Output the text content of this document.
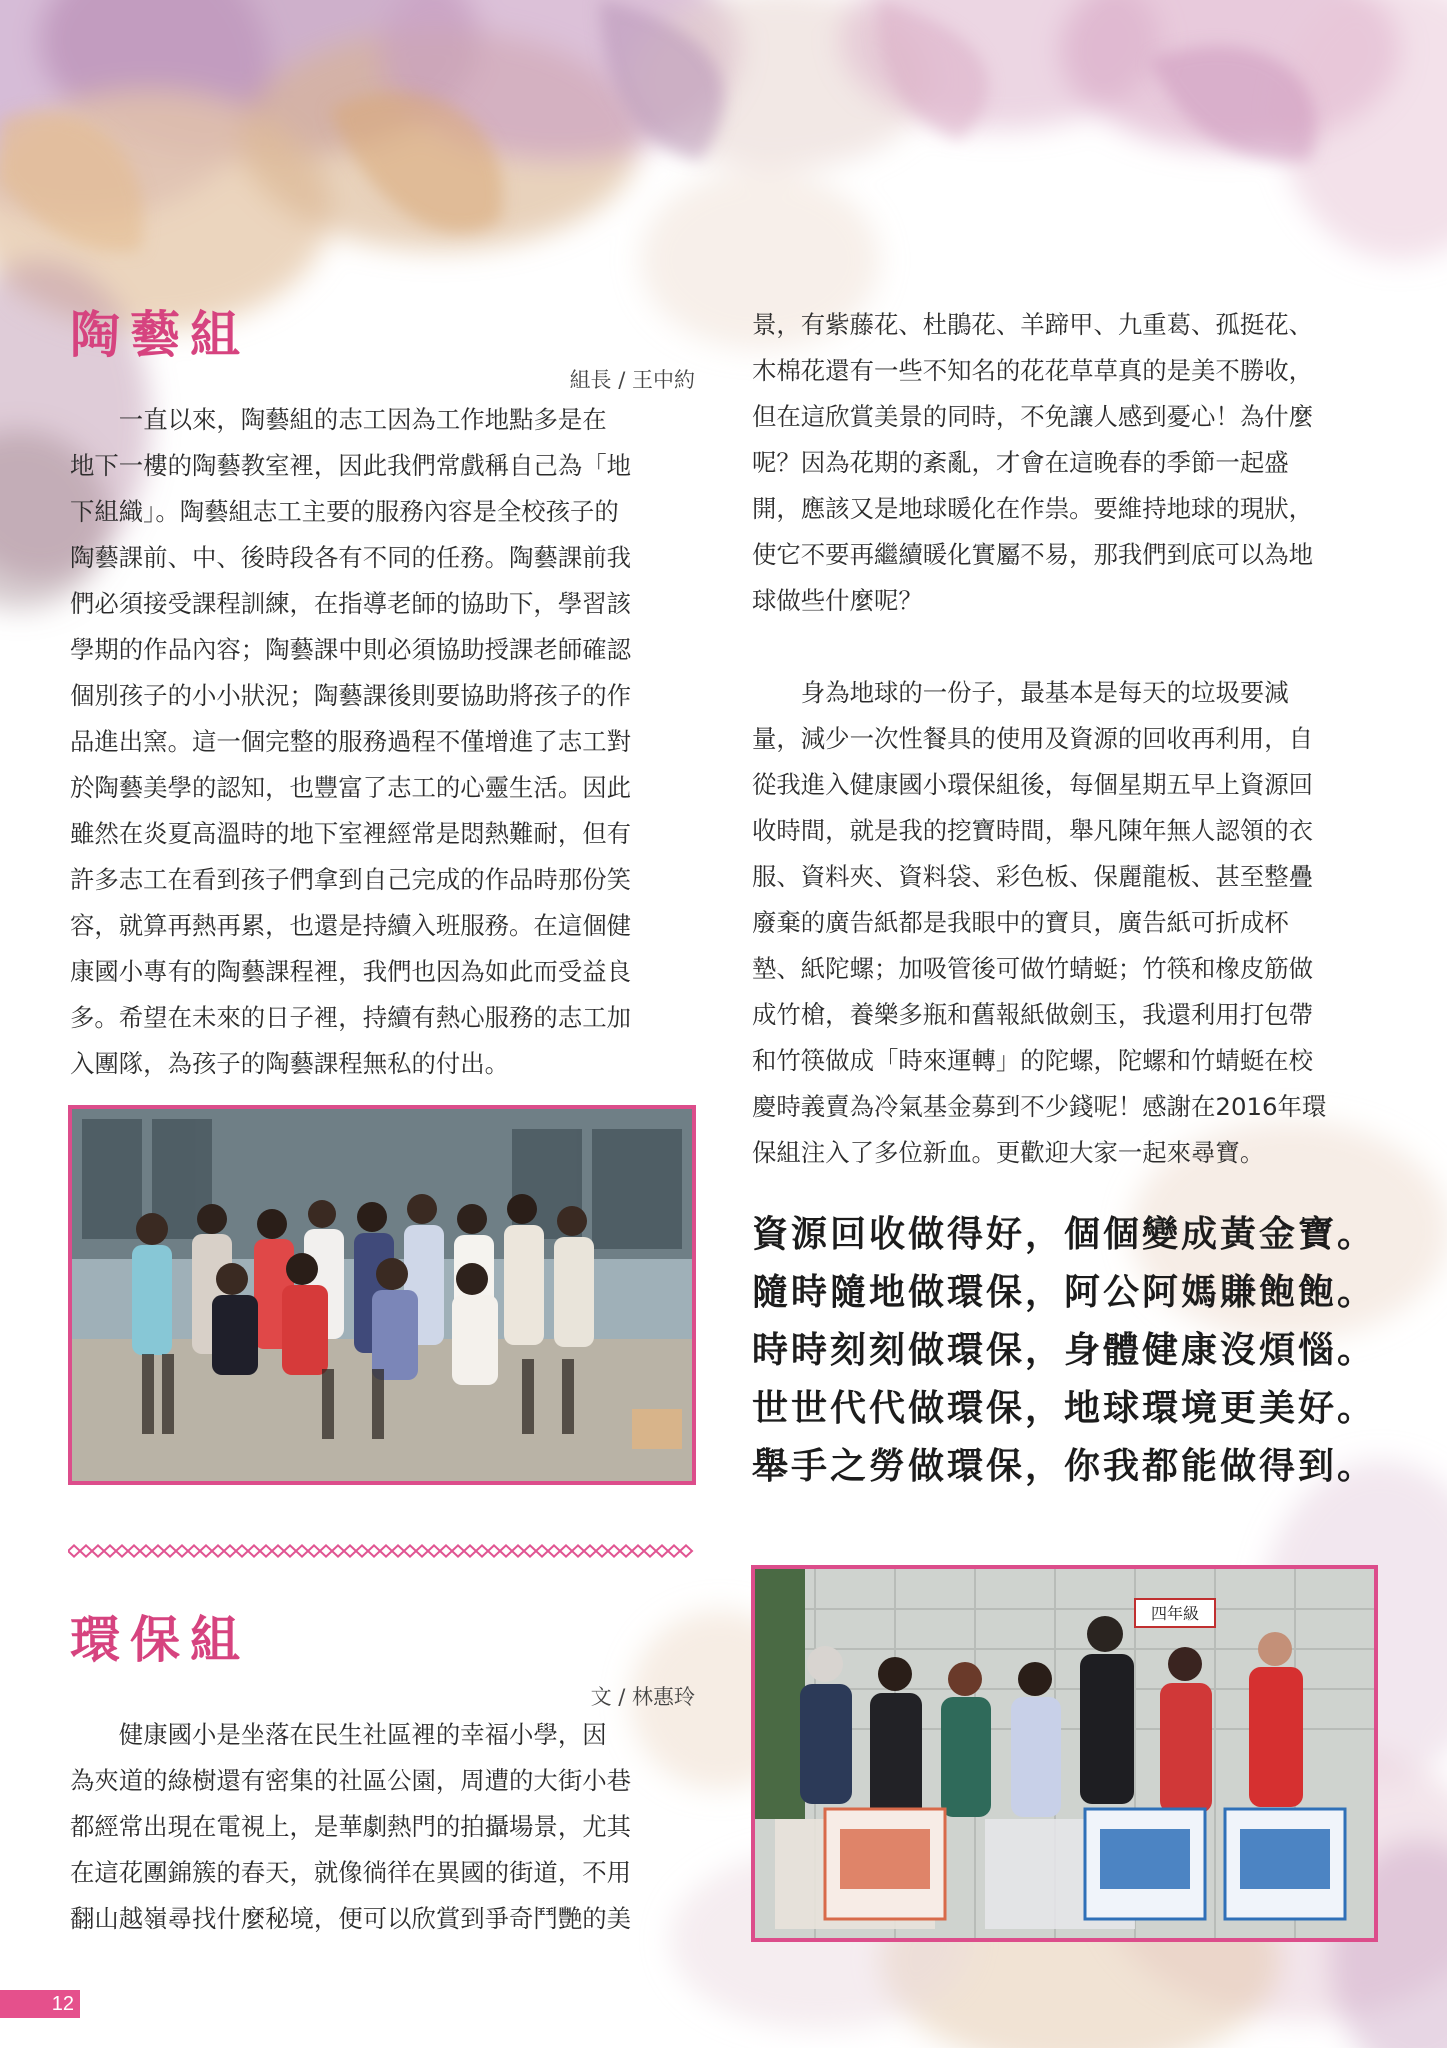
陶藝組
組長 / 王中約

一直以來，陶藝組的志工因為工作地點多是在

地下一樓的陶藝教室裡，因此我們常戲稱自己為「地

下組織」。陶藝組志工主要的服務內容是全校孩子的

陶藝課前、中、後時段各有不同的任務。陶藝課前我

們必須接受課程訓練，在指導老師的協助下，學習該

學期的作品內容；陶藝課中則必須協助授課老師確認

個別孩子的小小狀況；陶藝課後則要協助將孩子的作

品進出窯。這一個完整的服務過程不僅增進了志工對

於陶藝美學的認知，也豐富了志工的心靈生活。因此

雖然在炎夏高溫時的地下室裡經常是悶熱難耐，但有

許多志工在看到孩子們拿到自己完成的作品時那份笑

容，就算再熱再累，也還是持續入班服務。在這個健

康國小專有的陶藝課程裡，我們也因為如此而受益良

多。希望在未來的日子裡，持續有熱心服務的志工加

入團隊，為孩子的陶藝課程無私的付出。

環保組
文 / 林惠玲

健康國小是坐落在民生社區裡的幸福小學，因

為夾道的綠樹還有密集的社區公園，周遭的大街小巷

都經常出現在電視上，是華劇熱門的拍攝場景，尤其

在這花團錦簇的春天，就像徜徉在異國的街道，不用

翻山越嶺尋找什麼秘境，便可以欣賞到爭奇鬥艷的美

景，有紫藤花、杜鵑花、羊蹄甲、九重葛、孤挺花、

木棉花還有一些不知名的花花草草真的是美不勝收，

但在這欣賞美景的同時，不免讓人感到憂心！為什麼

呢？因為花期的紊亂，才會在這晚春的季節一起盛

開，應該又是地球暖化在作祟。要維持地球的現狀，

使它不要再繼續暖化實屬不易，那我們到底可以為地

球做些什麼呢？

身為地球的一份子，最基本是每天的垃圾要減

量，減少一次性餐具的使用及資源的回收再利用，自

從我進入健康國小環保組後，每個星期五早上資源回

收時間，就是我的挖寶時間，舉凡陳年無人認領的衣

服、資料夾、資料袋、彩色板、保麗龍板、甚至整疊

廢棄的廣告紙都是我眼中的寶貝，廣告紙可折成杯

墊、紙陀螺；加吸管後可做竹蜻蜓；竹筷和橡皮筋做

成竹槍，養樂多瓶和舊報紙做劍玉，我還利用打包帶

和竹筷做成「時來運轉」的陀螺，陀螺和竹蜻蜓在校

慶時義賣為冷氣基金募到不少錢呢！感謝在2016年環

保組注入了多位新血。更歡迎大家一起來尋寶。

資源回收做得好，個個變成黃金寶。
隨時隨地做環保，阿公阿媽賺飽飽。
時時刻刻做環保，身體健康沒煩惱。
世世代代做環保，地球環境更美好。
舉手之勞做環保，你我都能做得到。
四年級
12
